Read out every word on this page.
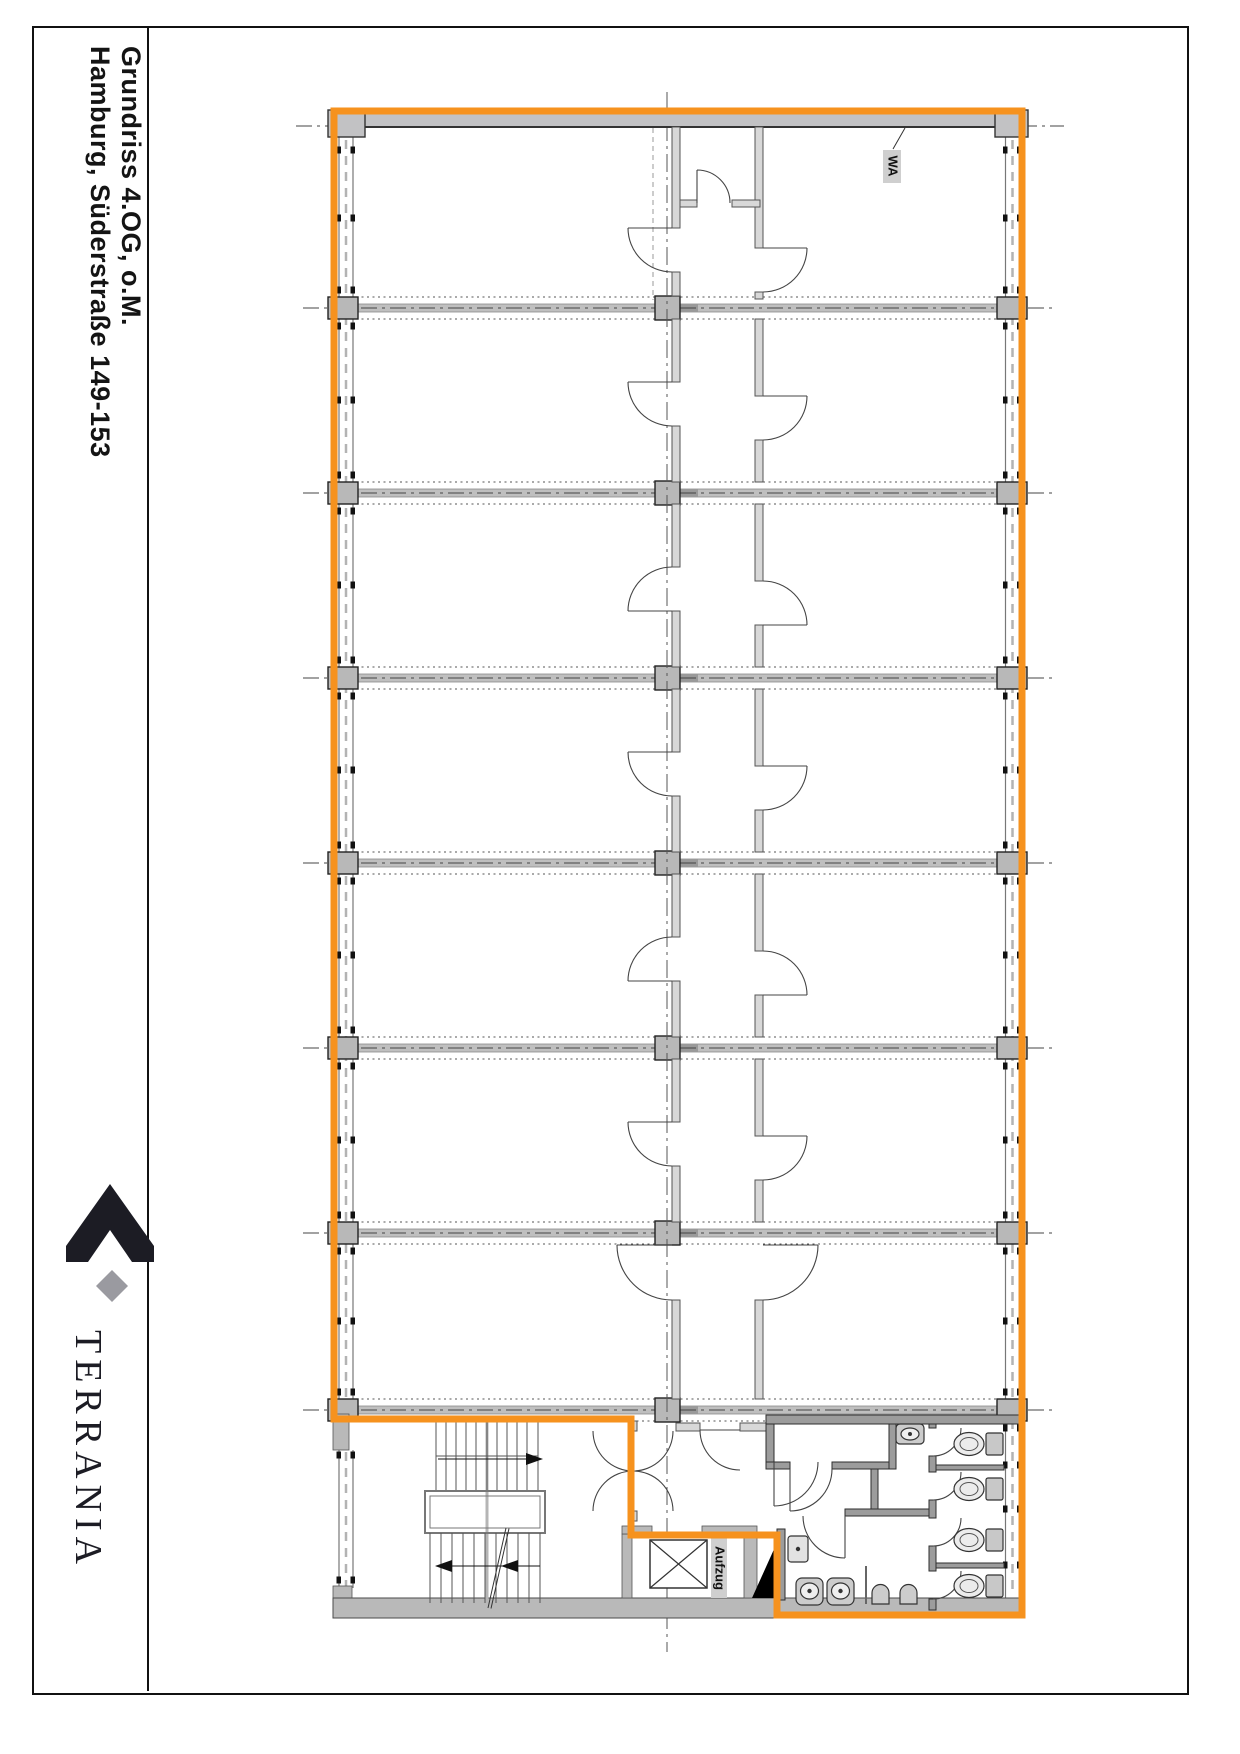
Hamburg, Süderstraße 149-153 Grundriss 4.OG, o.M.
TERRANIA	Aufzug
WA
